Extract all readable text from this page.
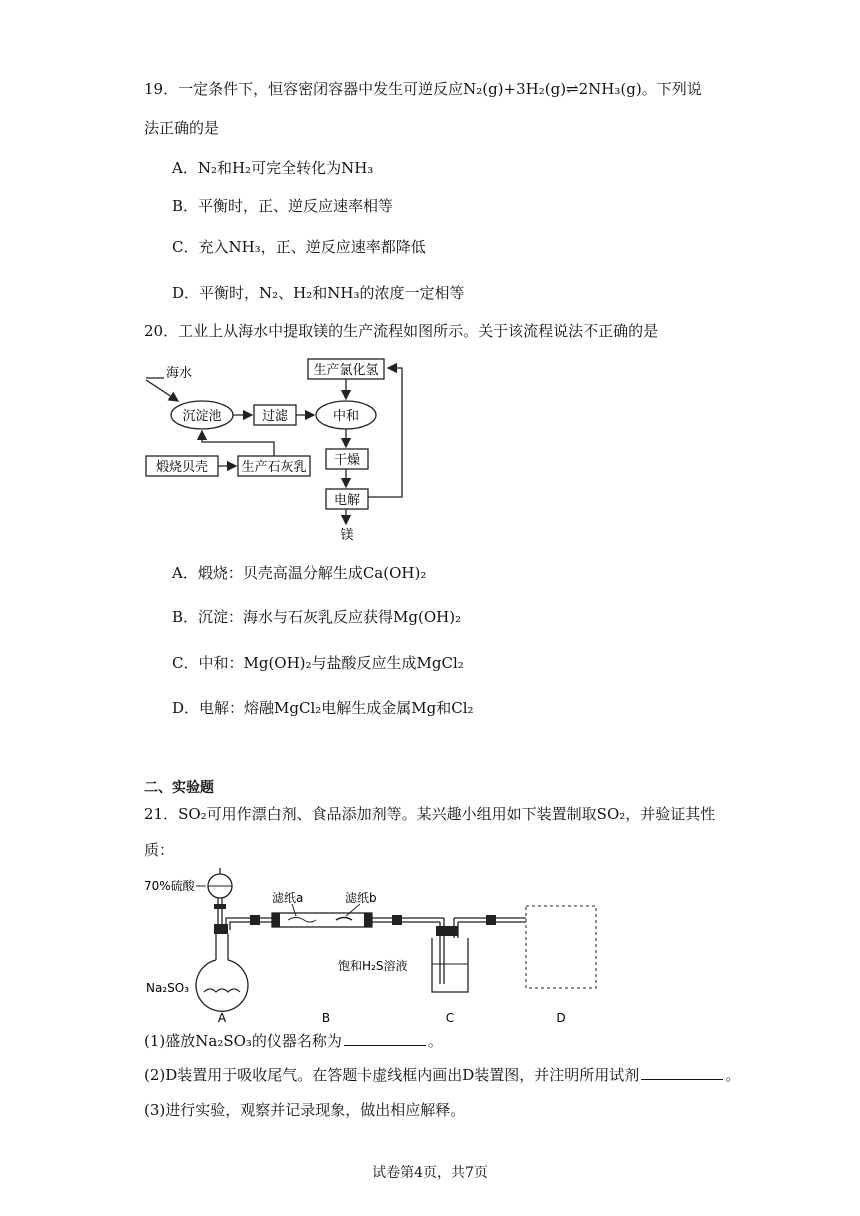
19．一定条件下，恒容密闭容器中发生可逆反应N₂(g)+3H₂(g)⇌2NH₃(g)。下列说
法正确的是
A．N₂和H₂可完全转化为NH₃
B．平衡时，正、逆反应速率相等
C．充入NH₃，正、逆反应速率都降低
D．平衡时，N₂、H₂和NH₃的浓度一定相等
20．工业上从海水中提取镁的生产流程如图所示。关于该流程说法不正确的是
海水
沉淀池	过滤	中和
生产氯化氢
干燥
电解
镁
煅烧贝壳	生产石灰乳
A．煅烧：贝壳高温分解生成Ca(OH)₂
B．沉淀：海水与石灰乳反应获得Mg(OH)₂
C．中和：Mg(OH)₂与盐酸反应生成MgCl₂
D．电解：熔融MgCl₂电解生成金属Mg和Cl₂
二、实验题
21．SO₂可用作漂白剂、食品添加剂等。某兴趣小组用如下装置制取SO₂，并验证其性
质：
70%硫酸
Na₂SO₃
A
滤纸a	滤纸b
B
饱和H₂S溶液
C	D
(1)盛放Na₂SO₃的仪器名称为	。
(2)D装置用于吸收尾气。在答题卡虚线框内画出D装置图，并注明所用试剂	。
(3)进行实验，观察并记录现象，做出相应解释。
试卷第4页，共7页
